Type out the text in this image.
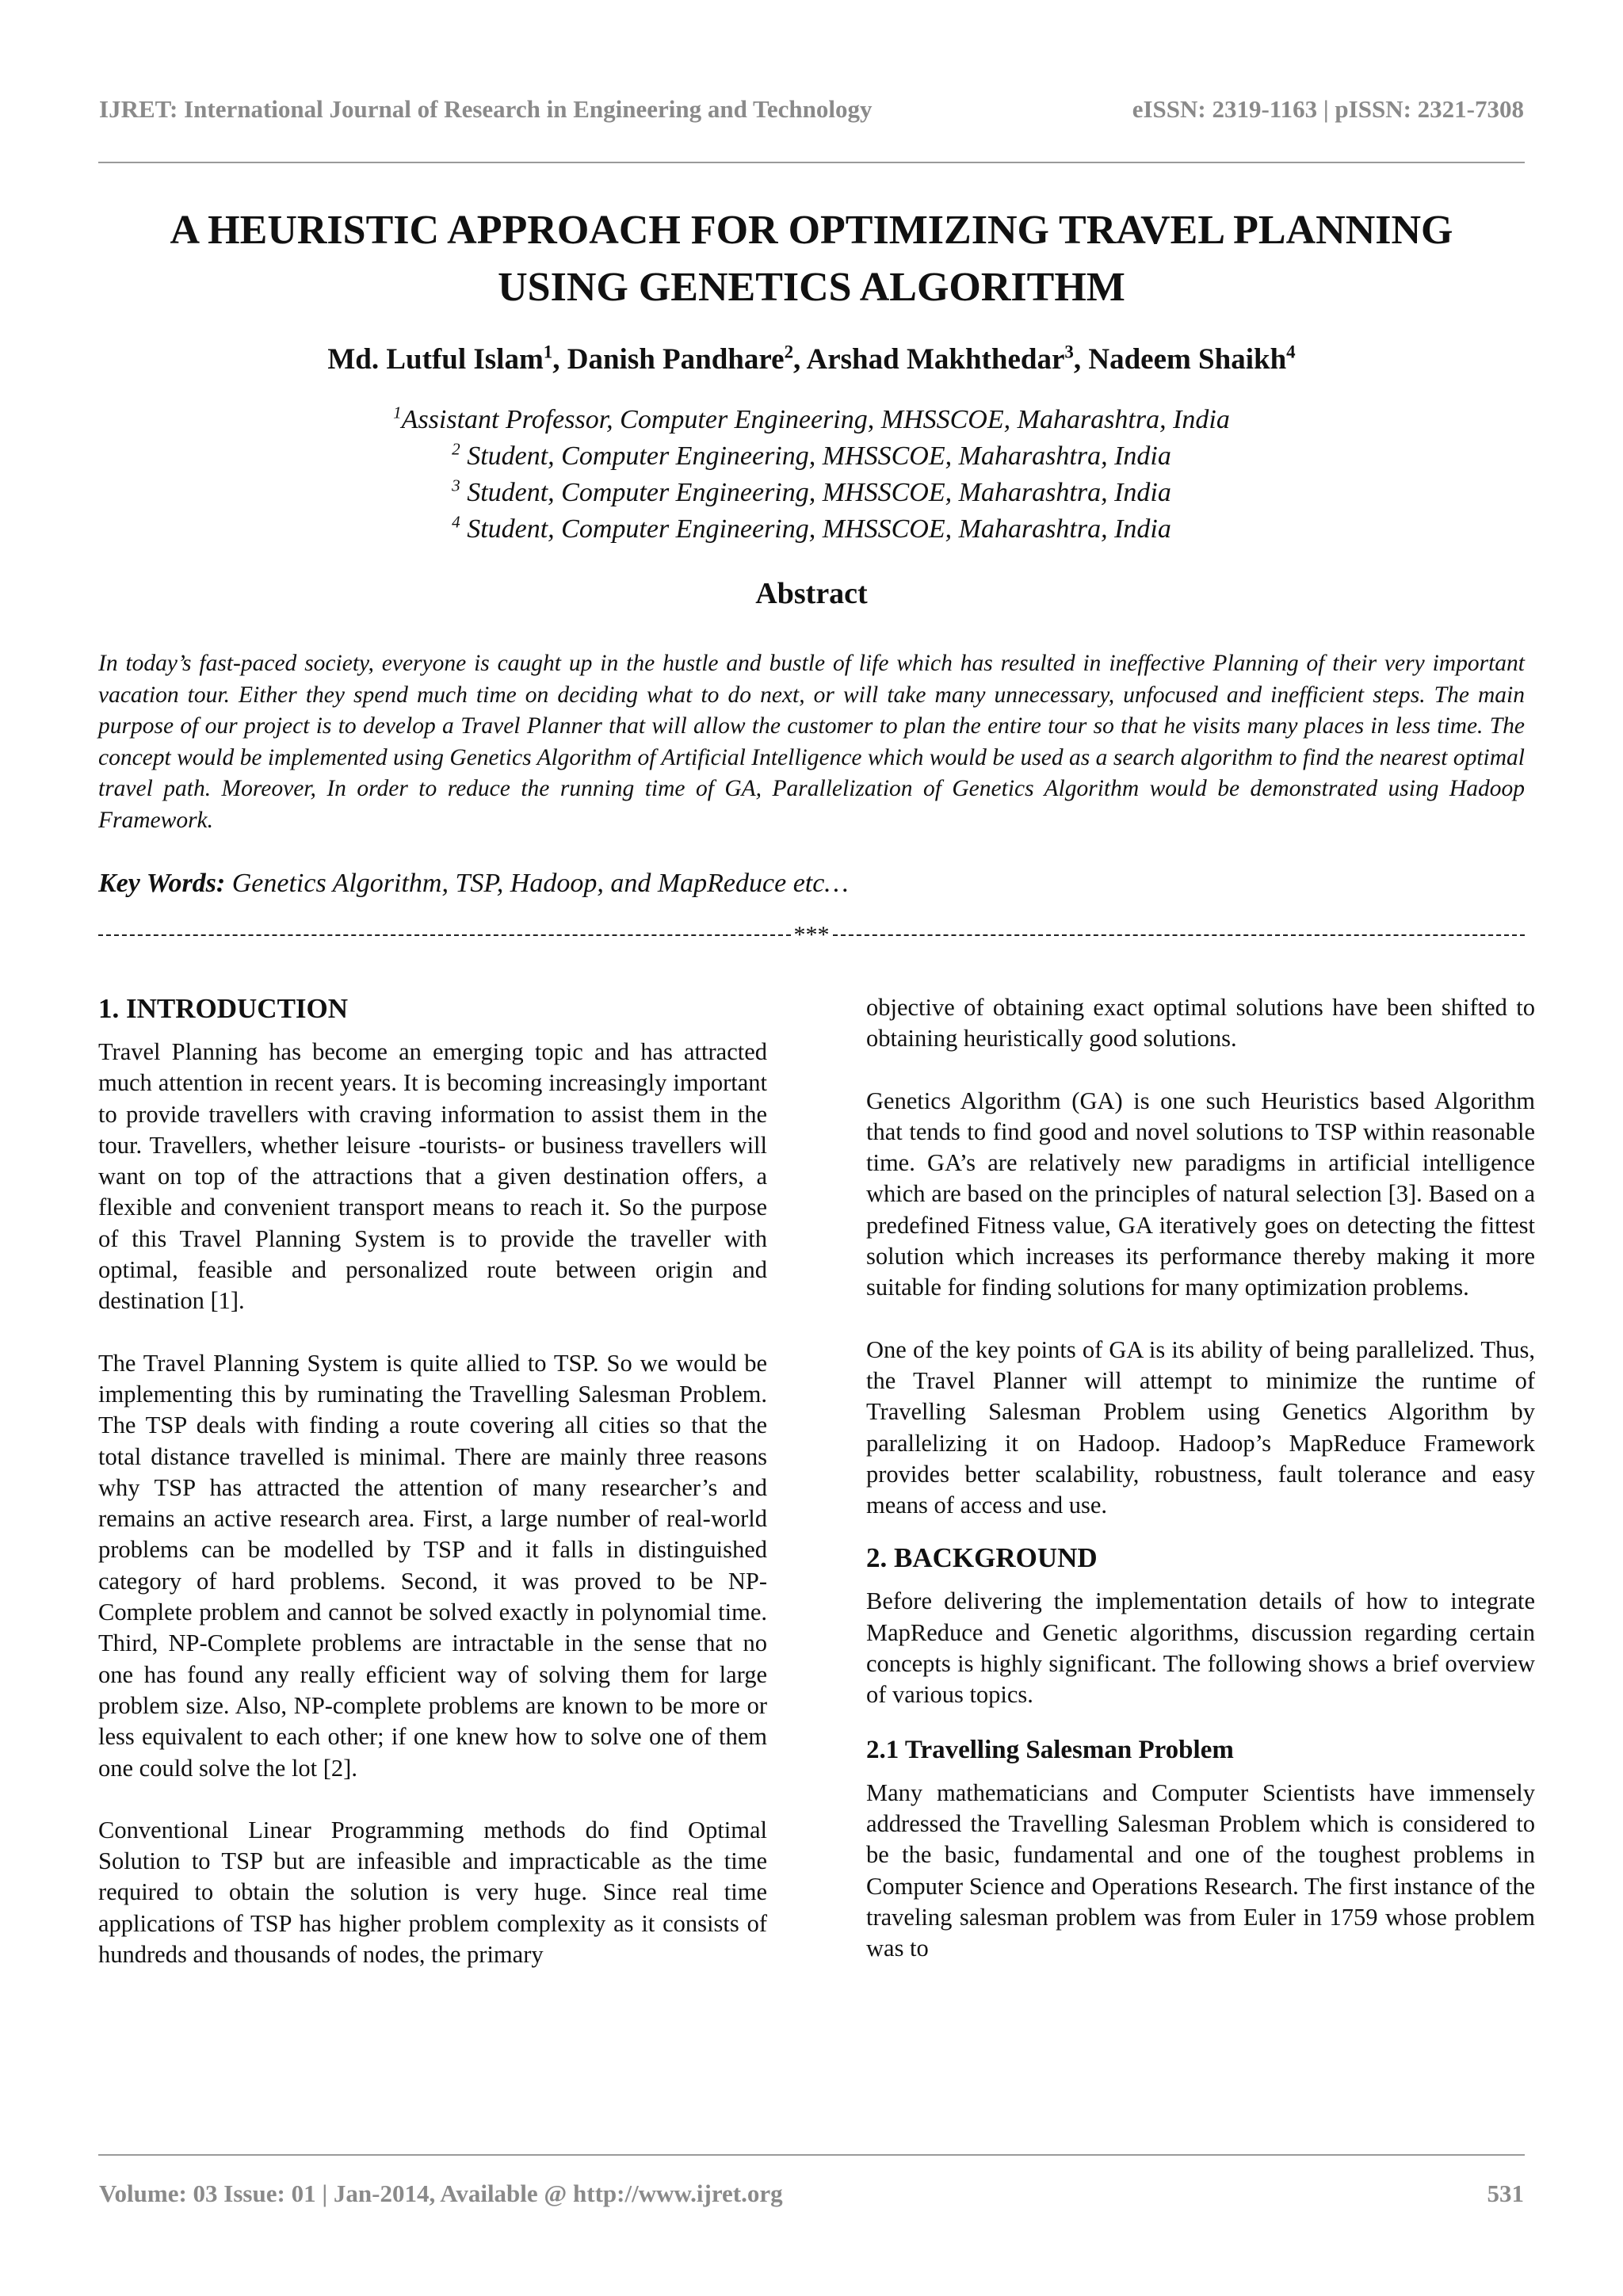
IJRET: International Journal of Research in Engineering and Technology	eISSN: 2319-1163 | pISSN: 2321-7308
A HEURISTIC APPROACH FOR OPTIMIZING TRAVEL PLANNING
USING GENETICS ALGORITHM
Md. Lutful Islam$^1$, Danish Pandhare$^2$, Arshad Makhthedar$^3$, Nadeem Shaikh$^4$
$^1$Assistant Professor, Computer Engineering, MHSSCOE, Maharashtra, India
$^2$ Student, Computer Engineering, MHSSCOE, Maharashtra, India
$^3$ Student, Computer Engineering, MHSSCOE, Maharashtra, India
$^4$ Student, Computer Engineering, MHSSCOE, Maharashtra, India
Abstract

In today’s fast-paced society, everyone is caught up in the hustle and bustle of life which has resulted in ineffective Planning of their very important vacation tour. Either they spend much time on deciding what to do next, or will take many unnecessary, unfocused and inefficient steps. The main purpose of our project is to develop a Travel Planner that will allow the customer to plan the entire tour so that he visits many places in less time. The concept would be implemented using Genetics Algorithm of Artificial Intelligence which would be used as a search algorithm to find the nearest optimal travel path. Moreover, In order to reduce the running time of GA, Parallelization of Genetics Algorithm would be demonstrated using Hadoop Framework.

Key Words: Genetics Algorithm, TSP, Hadoop, and MapReduce etc…
***
1. INTRODUCTION

Travel Planning has become an emerging topic and has attracted much attention in recent years. It is becoming increasingly important to provide travellers with craving information to assist them in the tour. Travellers, whether leisure -tourists- or business travellers will want on top of the attractions that a given destination offers, a flexible and convenient transport means to reach it. So the purpose of this Travel Planning System is to provide the traveller with optimal, feasible and personalized route between origin and destination [1].

The Travel Planning System is quite allied to TSP. So we would be implementing this by ruminating the Travelling Salesman Problem. The TSP deals with finding a route covering all cities so that the total distance travelled is minimal. There are mainly three reasons why TSP has attracted the attention of many researcher’s and remains an active research area. First, a large number of real-world problems can be modelled by TSP and it falls in distinguished category of hard problems. Second, it was proved to be NP-Complete problem and cannot be solved exactly in polynomial time. Third, NP-Complete problems are intractable in the sense that no one has found any really efficient way of solving them for large problem size. Also, NP-complete problems are known to be more or less equivalent to each other; if one knew how to solve one of them one could solve the lot [2].

Conventional Linear Programming methods do find Optimal Solution to TSP but are infeasible and impracticable as the time required to obtain the solution is very huge. Since real time applications of TSP has higher problem complexity as it consists of hundreds and thousands of nodes, the primary

objective of obtaining exact optimal solutions have been shifted to obtaining heuristically good solutions.

Genetics Algorithm (GA) is one such Heuristics based Algorithm that tends to find good and novel solutions to TSP within reasonable time. GA’s are relatively new paradigms in artificial intelligence which are based on the principles of natural selection [3]. Based on a predefined Fitness value, GA iteratively goes on detecting the fittest solution which increases its performance thereby making it more suitable for finding solutions for many optimization problems.

One of the key points of GA is its ability of being parallelized. Thus, the Travel Planner will attempt to minimize the runtime of Travelling Salesman Problem using Genetics Algorithm by parallelizing it on Hadoop. Hadoop’s MapReduce Framework provides better scalability, robustness, fault tolerance and easy means of access and use.

2. BACKGROUND

Before delivering the implementation details of how to integrate MapReduce and Genetic algorithms, discussion regarding certain concepts is highly significant. The following shows a brief overview of various topics.

2.1 Travelling Salesman Problem

Many mathematicians and Computer Scientists have immensely addressed the Travelling Salesman Problem which is considered to be the basic, fundamental and one of the toughest problems in Computer Science and Operations Research. The first instance of the traveling salesman problem was from Euler in 1759 whose problem was to

Volume: 03 Issue: 01 | Jan-2014, Available @ http://www.ijret.org	531
